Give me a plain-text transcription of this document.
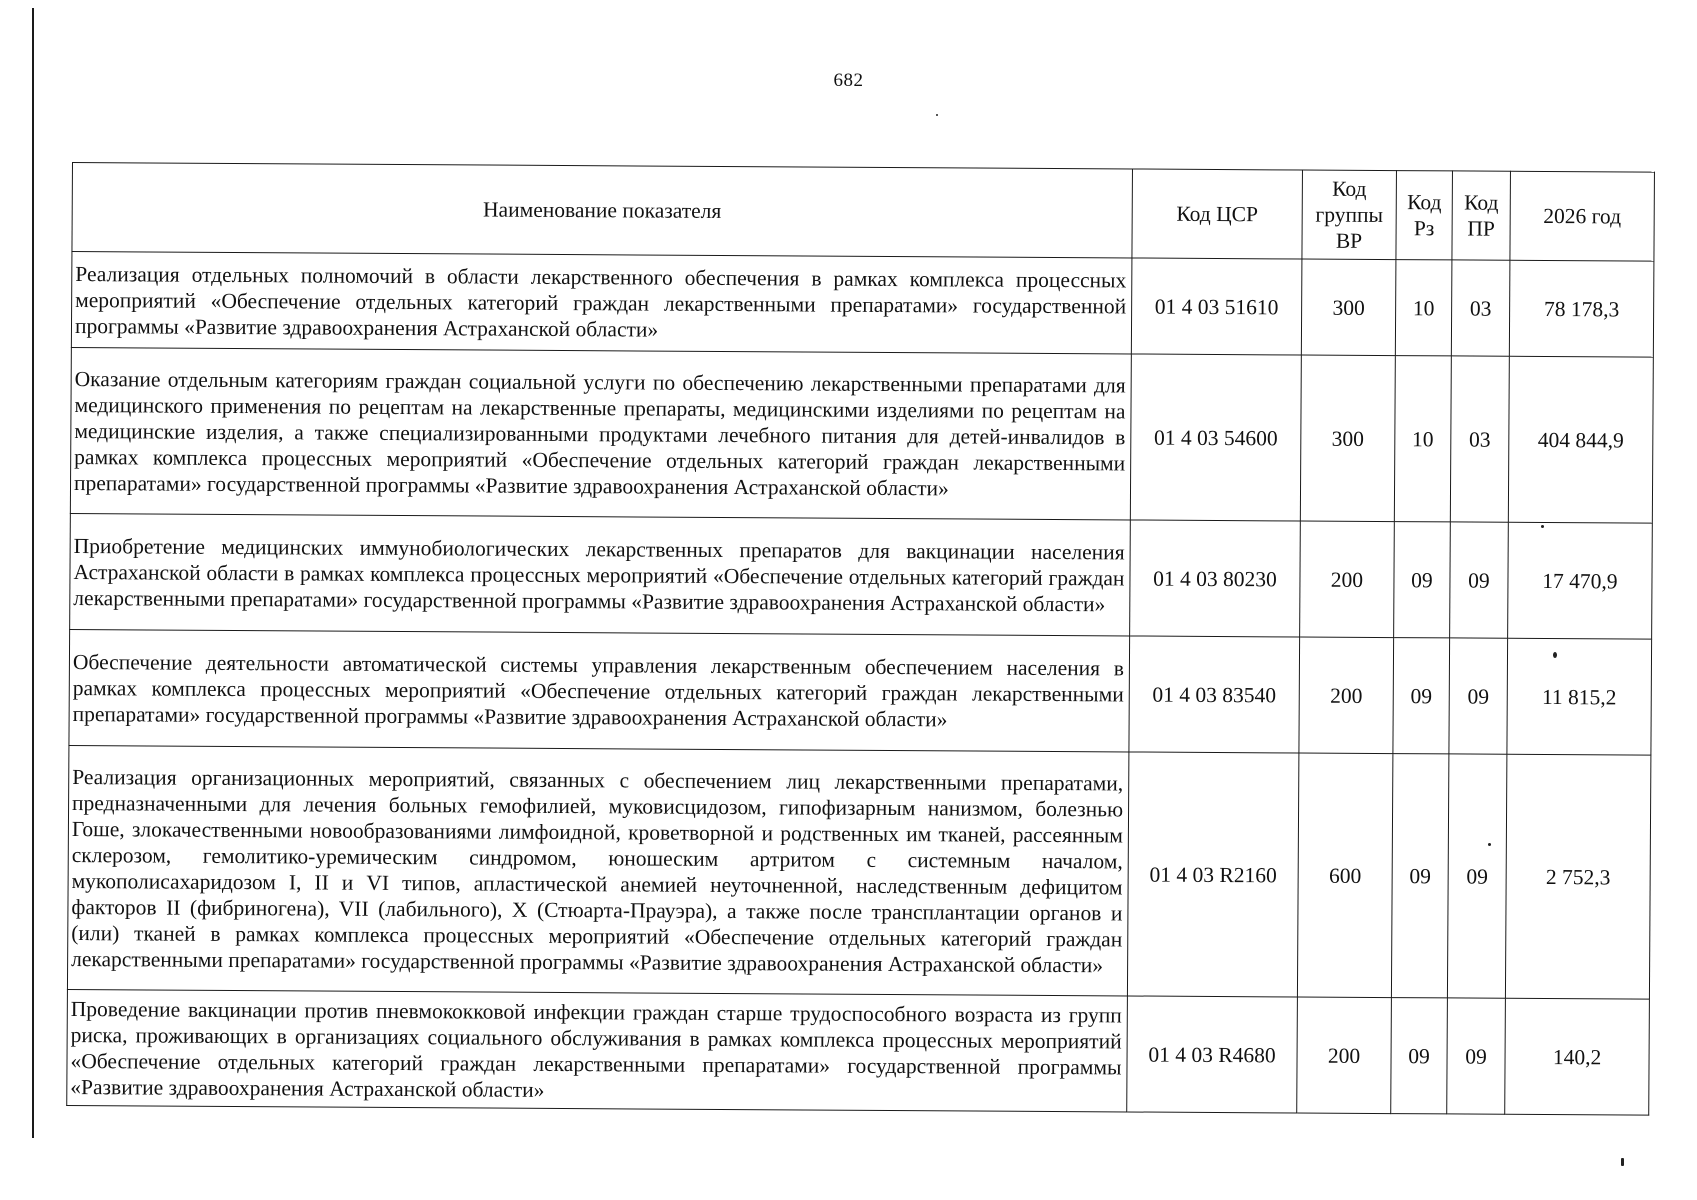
682
Наименование показателя	Код ЦСР	Код группы ВР	Код Рз	Код ПР	2026 год
Реализация отдельных полномочий в области лекарственного обеспечения в рамках комплекса процессных мероприятий «Обеспечение отдельных категорий граждан лекарственными препаратами» государственной программы «Развитие здравоохранения Астраханской области»	01 4 03 51610	300	10	03	78 178,3
Оказание отдельным категориям граждан социальной услуги по обеспечению лекарственными препаратами для медицинского применения по рецептам на лекарственные препараты, медицинскими изделиями по рецептам на медицинские изделия, а также специализированными продуктами лечебного питания для детей-инвалидов в рамках комплекса процессных мероприятий «Обеспечение отдельных категорий граждан лекарственными препаратами» государственной программы «Развитие здравоохранения Астраханской области»	01 4 03 54600	300	10	03	404 844,9
Приобретение медицинских иммунобиологических лекарственных препаратов для вакцинации населения Астраханской области в рамках комплекса процессных мероприятий «Обеспечение отдельных категорий граждан лекарственными препаратами» государственной программы «Развитие здравоохранения Астраханской области»	01 4 03 80230	200	09	09	17 470,9
Обеспечение деятельности автоматической системы управления лекарственным обеспечением населения в рамках комплекса процессных мероприятий «Обеспечение отдельных категорий граждан лекарственными препаратами» государственной программы «Развитие здравоохранения Астраханской области»	01 4 03 83540	200	09	09	11 815,2
Реализация организационных мероприятий, связанных с обеспечением лиц лекарственными препаратами, предназначенными для лечения больных гемофилией, муковисцидозом, гипофизарным нанизмом, болезнью Гоше, злокачественными новообразованиями лимфоидной, кроветворной и родственных им тканей, рассеянным склерозом, гемолитико-уремическим синдромом, юношеским артритом с системным началом, мукополисахаридозом I, II и VI типов, апластической анемией неуточненной, наследственным дефицитом факторов II (фибриногена), VII (лабильного), X (Стюарта-Прауэра), а также после трансплантации органов и (или) тканей в рамках комплекса процессных мероприятий «Обеспечение отдельных категорий граждан лекарственными препаратами» государственной программы «Развитие здравоохранения Астраханской области»	01 4 03 R2160	600	09	09	2 752,3
Проведение вакцинации против пневмококковой инфекции граждан старше трудоспособного возраста из групп риска, проживающих в организациях социального обслуживания в рамках комплекса процессных мероприятий «Обеспечение отдельных категорий граждан лекарственными препаратами» государственной программы «Развитие здравоохранения Астраханской области»	01 4 03 R4680	200	09	09	140,2
